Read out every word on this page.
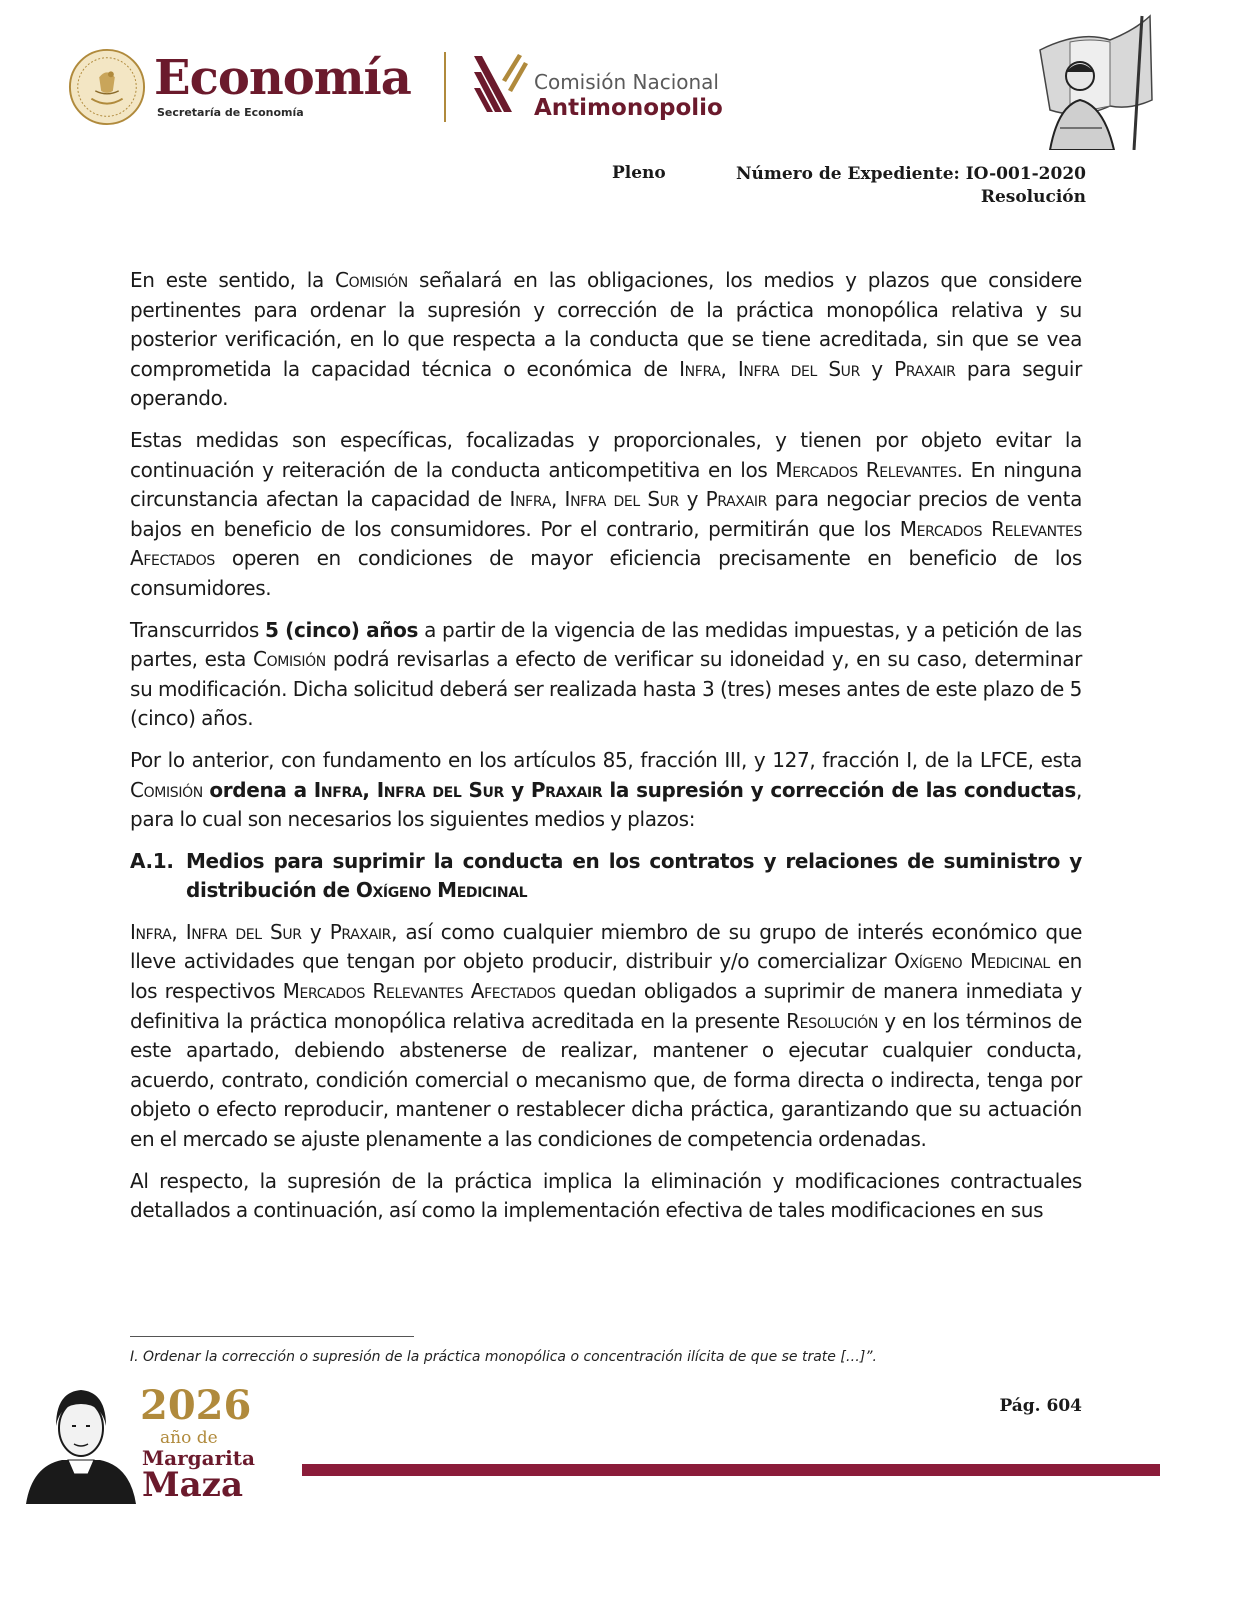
Economía
Secretaría de Economía
Comisión Nacional
Antimonopolio
Pleno	Número de Expediente: IO-001-2020
Resolución

En este sentido, la Comisión señalará en las obligaciones, los medios y plazos que considere pertinentes para ordenar la supresión y corrección de la práctica monopólica relativa y su posterior verificación, en lo que respecta a la conducta que se tiene acreditada, sin que se vea comprometida la capacidad técnica o económica de Infra, Infra del Sur y Praxair para seguir operando.

Estas medidas son específicas, focalizadas y proporcionales, y tienen por objeto evitar la continuación y reiteración de la conducta anticompetitiva en los Mercados Relevantes. En ninguna circunstancia afectan la capacidad de Infra, Infra del Sur y Praxair para negociar precios de venta bajos en beneficio de los consumidores. Por el contrario, permitirán que los Mercados Relevantes Afectados operen en condiciones de mayor eficiencia precisamente en beneficio de los consumidores.

Transcurridos 5 (cinco) años a partir de la vigencia de las medidas impuestas, y a petición de las partes, esta Comisión podrá revisarlas a efecto de verificar su idoneidad y, en su caso, determinar su modificación. Dicha solicitud deberá ser realizada hasta 3 (tres) meses antes de este plazo de 5 (cinco) años.

Por lo anterior, con fundamento en los artículos 85, fracción III, y 127, fracción I, de la LFCE, esta Comisión ordena a Infra, Infra del Sur y Praxair la supresión y corrección de las conductas, para lo cual son necesarios los siguientes medios y plazos:

A.1. Medios para suprimir la conducta en los contratos y relaciones de suministro y distribución de Oxígeno Medicinal

Infra, Infra del Sur y Praxair, así como cualquier miembro de su grupo de interés económico que lleve actividades que tengan por objeto producir, distribuir y/o comercializar Oxígeno Medicinal en los respectivos Mercados Relevantes Afectados quedan obligados a suprimir de manera inmediata y definitiva la práctica monopólica relativa acreditada en la presente Resolución y en los términos de este apartado, debiendo abstenerse de realizar, mantener o ejecutar cualquier conducta, acuerdo, contrato, condición comercial o mecanismo que, de forma directa o indirecta, tenga por objeto o efecto reproducir, mantener o restablecer dicha práctica, garantizando que su actuación en el mercado se ajuste plenamente a las condiciones de competencia ordenadas.

Al respecto, la supresión de la práctica implica la eliminación y modificaciones contractuales detallados a continuación, así como la implementación efectiva de tales modificaciones en sus

I. Ordenar la corrección o supresión de la práctica monopólica o concentración ilícita de que se trate […]”.
2026
año de
Margarita
Maza
Pág. 604
